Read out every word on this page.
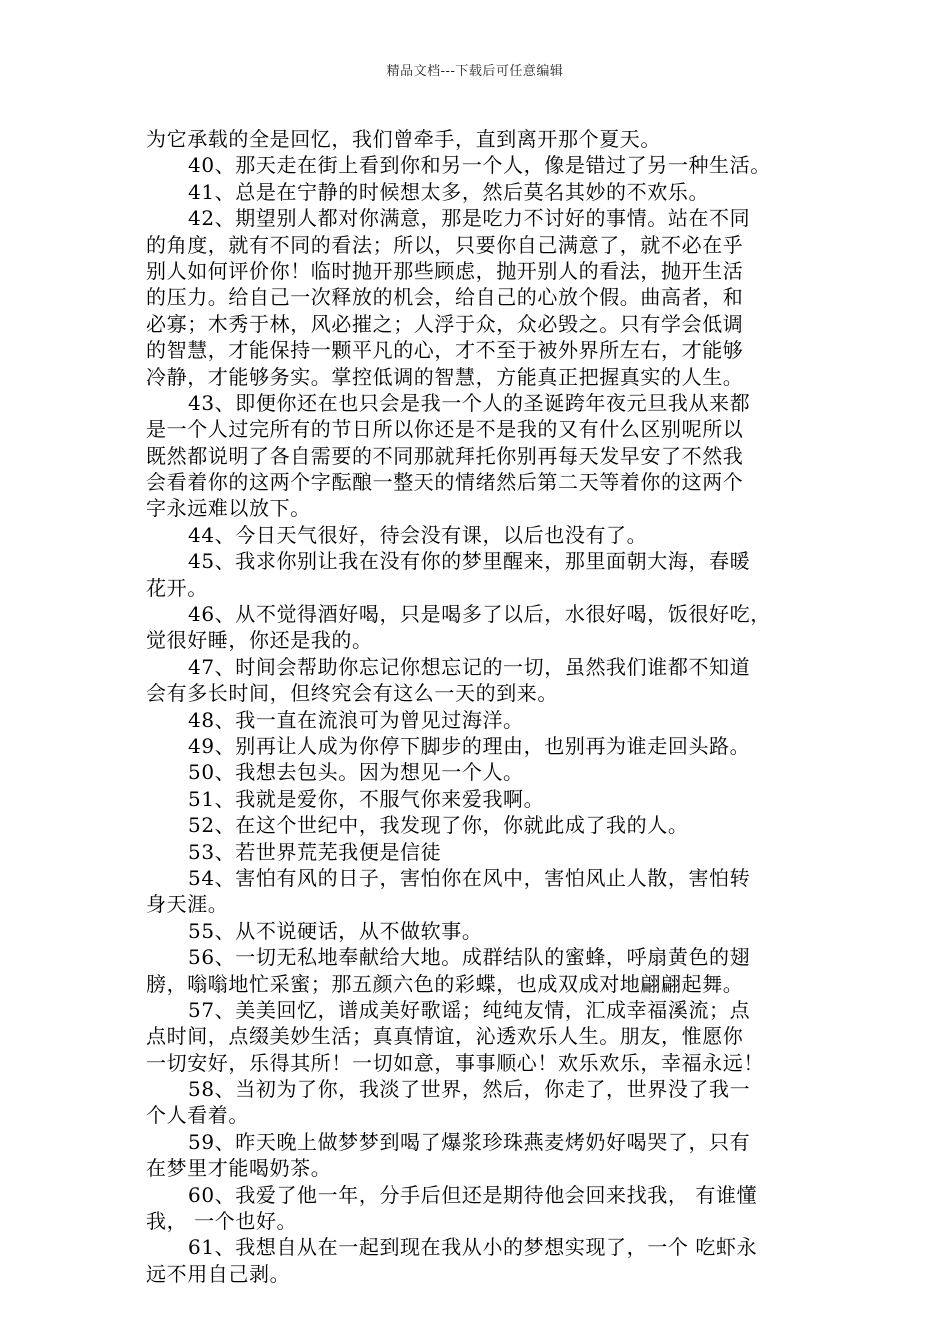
精品文档---下载后可任意编辑
为它承载的全是回忆，我们曾牵手，直到离开那个夏天。
40、那天走在街上看到你和另一个人，像是错过了另一种生活。
41、总是在宁静的时候想太多，然后莫名其妙的不欢乐。
42、期望别人都对你满意，那是吃力不讨好的事情。站在不同
的角度，就有不同的看法；所以，只要你自己满意了，就不必在乎
别人如何评价你！临时抛开那些顾虑，抛开别人的看法，抛开生活
的压力。给自己一次释放的机会，给自己的心放个假。曲高者，和
必寡；木秀于林，风必摧之；人浮于众，众必毁之。只有学会低调
的智慧，才能保持一颗平凡的心，才不至于被外界所左右，才能够
冷静，才能够务实。掌控低调的智慧，方能真正把握真实的人生。
43、即便你还在也只会是我一个人的圣诞跨年夜元旦我从来都
是一个人过完所有的节日所以你还是不是我的又有什么区别呢所以
既然都说明了各自需要的不同那就拜托你别再每天发早安了不然我
会看着你的这两个字酝酿一整天的情绪然后第二天等着你的这两个
字永远难以放下。
44、今日天气很好，待会没有课，以后也没有了。
45、我求你别让我在没有你的梦里醒来，那里面朝大海，春暖
花开。
46、从不觉得酒好喝，只是喝多了以后，水很好喝，饭很好吃，
觉很好睡，你还是我的。
47、时间会帮助你忘记你想忘记的一切，虽然我们谁都不知道
会有多长时间，但终究会有这么一天的到来。
48、我一直在流浪可为曾见过海洋。
49、别再让人成为你停下脚步的理由，也别再为谁走回头路。
50、我想去包头。因为想见一个人。
51、我就是爱你，不服气你来爱我啊。
52、在这个世纪中，我发现了你，你就此成了我的人。
53、若世界荒芜我便是信徒
54、害怕有风的日子，害怕你在风中，害怕风止人散，害怕转
身天涯。
55、从不说硬话，从不做软事。
56、一切无私地奉献给大地。成群结队的蜜蜂，呼扇黄色的翅
膀，嗡嗡地忙采蜜；那五颜六色的彩蝶，也成双成对地翩翩起舞。
57、美美回忆，谱成美好歌谣；纯纯友情，汇成幸福溪流；点
点时间，点缀美妙生活；真真情谊，沁透欢乐人生。朋友，惟愿你
一切安好，乐得其所！一切如意，事事顺心！欢乐欢乐，幸福永远！
58、当初为了你，我淡了世界，然后，你走了，世界没了我一
个人看着。
59、昨天晚上做梦梦到喝了爆浆珍珠燕麦烤奶好喝哭了，只有
在梦里才能喝奶茶。
60、我爱了他一年，分手后但还是期待他会回来找我， 有谁懂
我， 一个也好。
61、我想自从在一起到现在我从小的梦想实现了，一个 吃虾永
远不用自己剥。
